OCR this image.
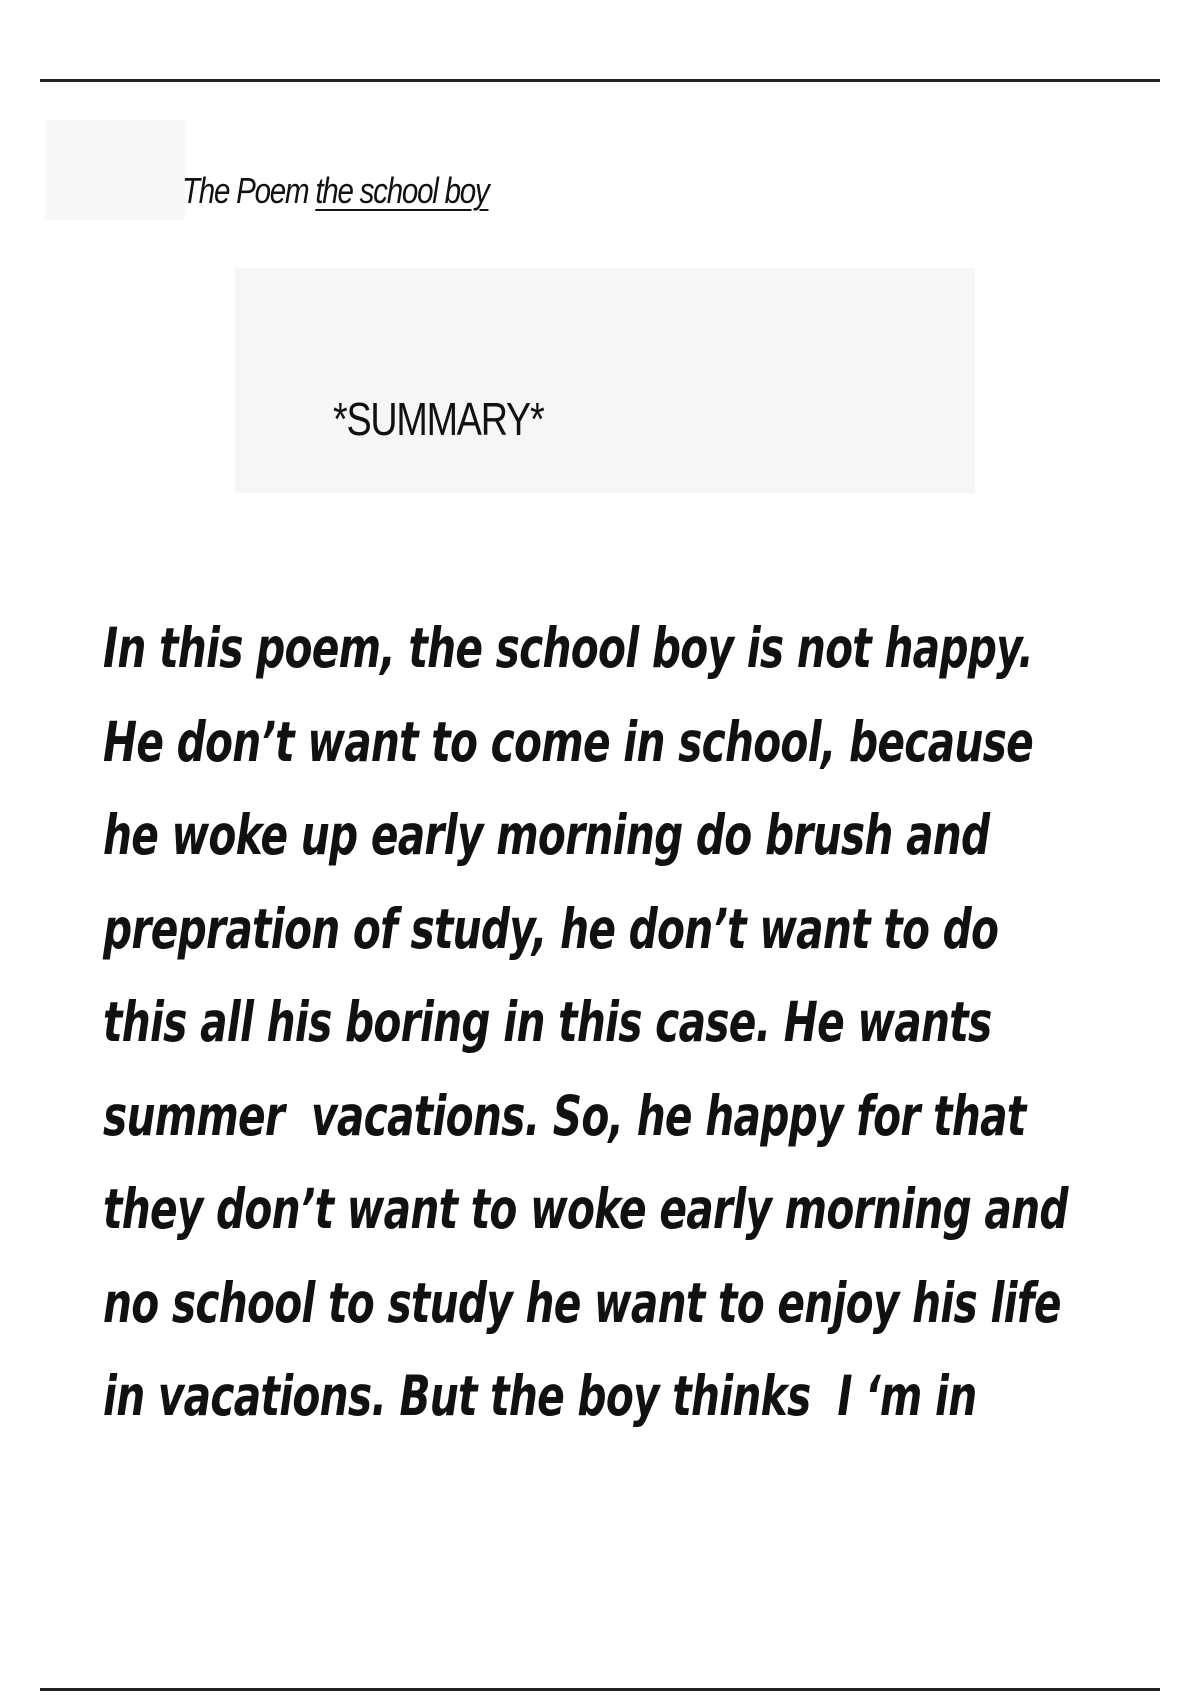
The Poem the school boy
*SUMMARY*
In this poem, the school boy is not happy.
He don’t want to come in school, because
he woke up early morning do brush and
prepration of study, he don’t want to do
this all his boring in this case. He wants
summer  vacations. So, he happy for that
they don’t want to woke early morning and
no school to study he want to enjoy his life
in vacations. But the boy thinks  I ‘m in
